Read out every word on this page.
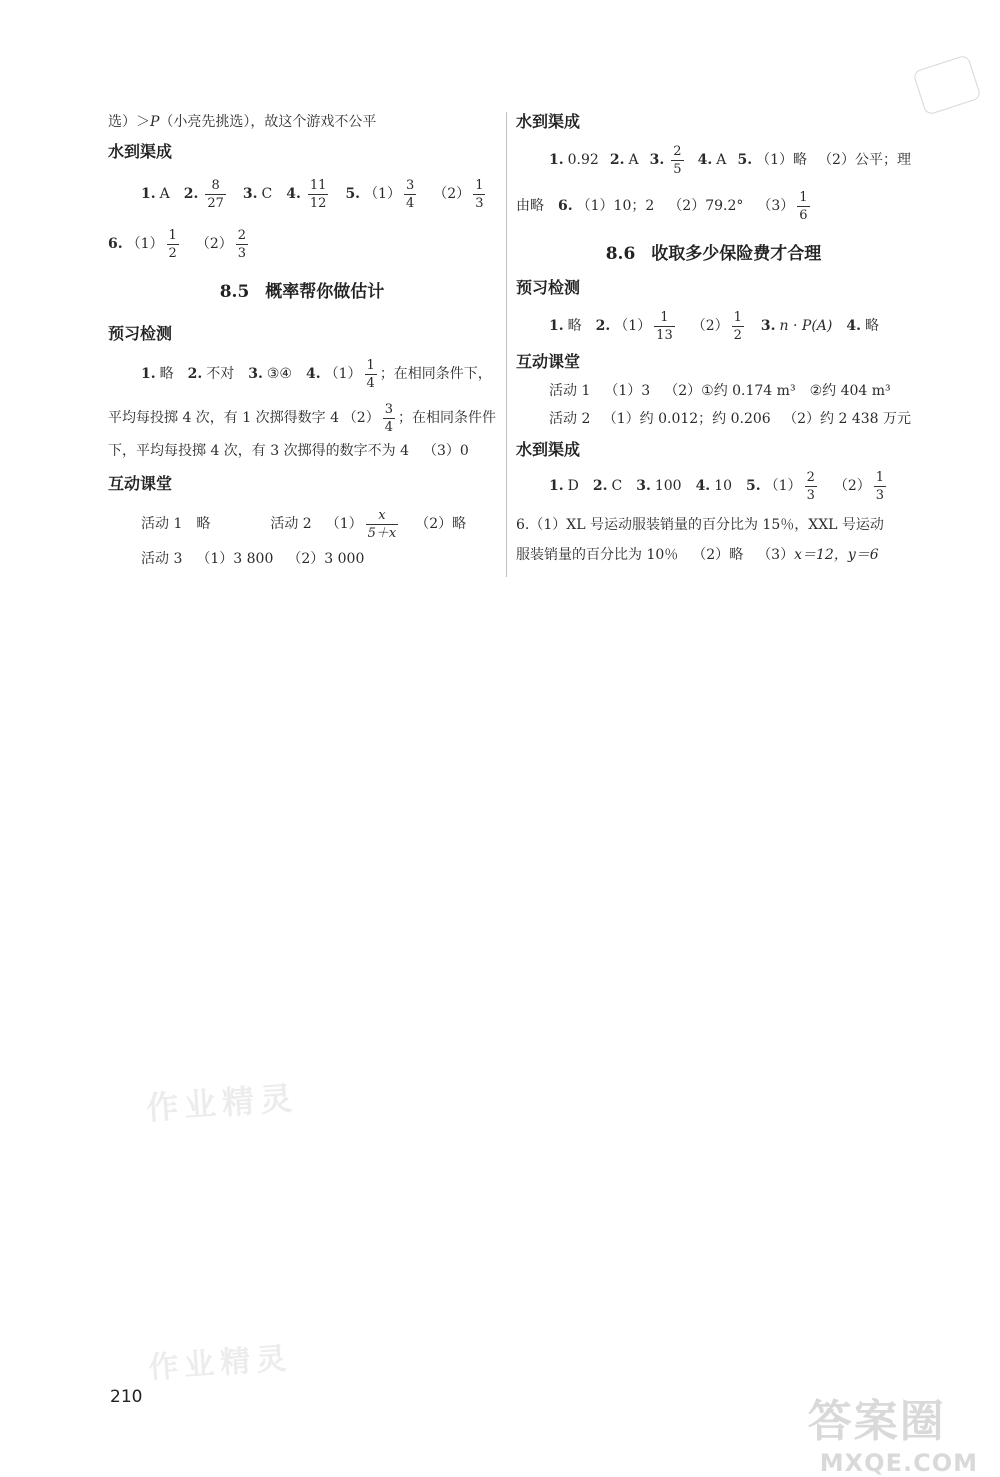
选）＞ P （小亮先挑选），故这个游戏不公平
水到渠成
1. A 2. $\frac{8}{27} 3$. C 4. $\frac{11}{12} 5$. $(1) \frac{3}{4} (2) \frac{1}{3}$
6. $(1) \frac{1}{2} (2) \frac{2}{3}$
8.5 概率帮你做估计
预习检测
1. 略 2. 不对 3. ③④ 4. $(1) \frac{1}{4}$ ；在相同条件下，
平均每投掷 4 次，有 1 次掷得数字 4 $(2) \frac{3}{4}$ ；在相同条件件
下，平均每投掷 4 次，有 3 次掷得的数字不为 4 （3） 0
互动课堂
活动 1 略	活动 2 $(1) \frac{x}{5+x} (2)$ 略
活动 3 （1） 3 800 （2） 3 000
水到渠成
1. 0.92 2. A 3. $\frac{2}{5} 4$. A 5. （1） 略 （2） 公平；理
由略 6. （1） 10；2 （2） 79.2° $(3) \frac{1}{6}$
8.6 收取多少保险费才合理
预习检测
1. 略 2. $(1) \frac{1}{13} (2) \frac{1}{2} 3$. n · P(A) 4. 略
互动课堂
活动 1 （1） 3 （2） ① 约 0.174 m³ ② 约 404 m³
活动 2 （1） 约 0.012；约 0.206 （2） 约 2 438 万元
水到渠成
1. D 2. C 3. 100 4. 10 5. $(1) \frac{2}{3} (2) \frac{1}{3}$
6.（1）XL 号运动服装销量的百分比为 15％，XXL 号运动
服装销量的百分比为 10％ （2） 略 （3） x＝12，y＝6
作业精灵
作业精灵
210	答案圈
MXQE.COM
